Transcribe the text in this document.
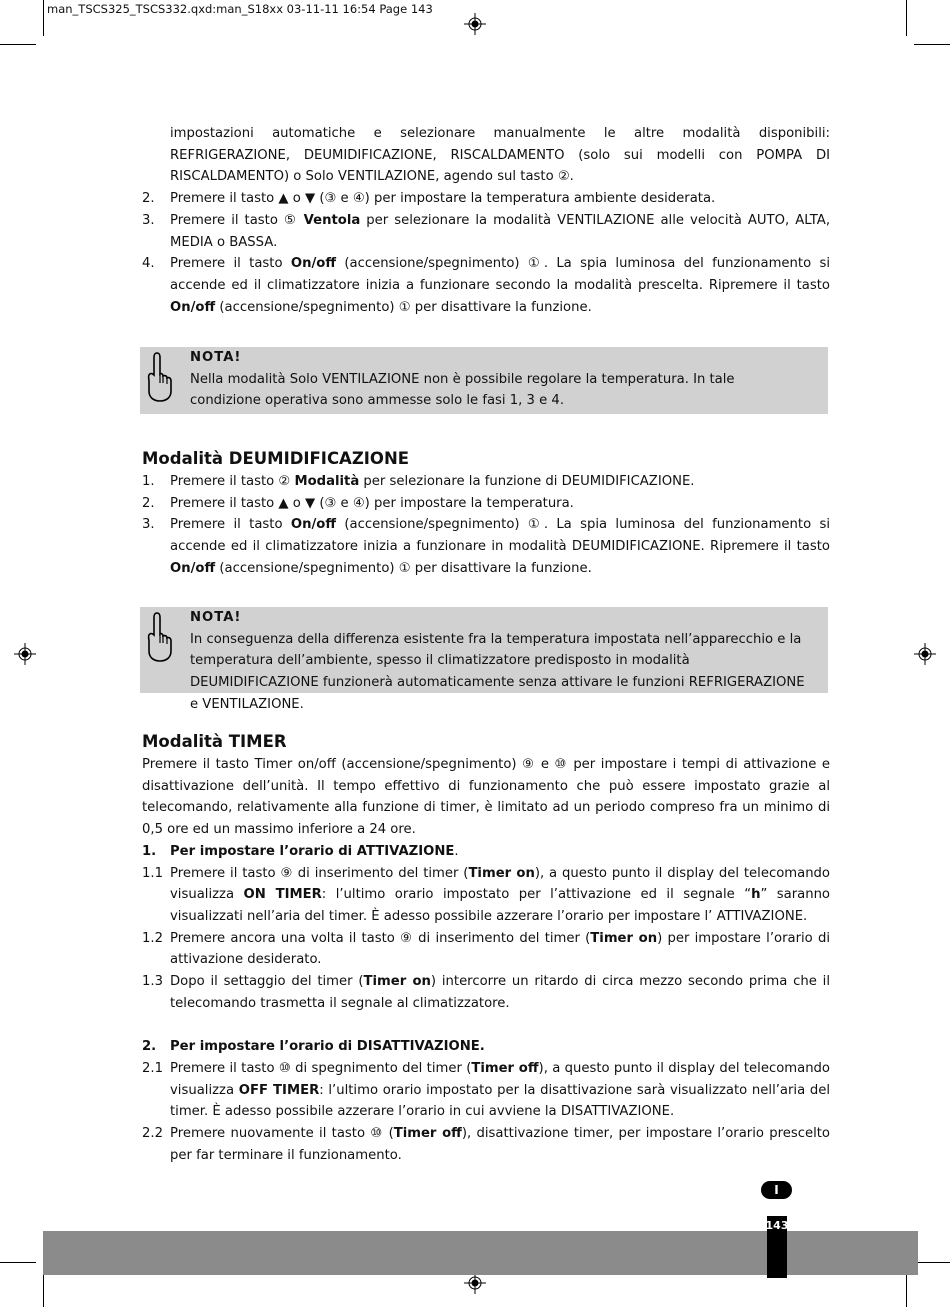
man_TSCS325_TSCS332.qxd:man_S18xx 03-11-11 16:54 Page 143
impostazioni automatiche e selezionare manualmente le altre modalità disponibili: REFRIGERAZIONE, DEUMIDIFICAZIONE, RISCALDAMENTO (solo sui modelli con POMPA DI RISCALDAMENTO) o Solo VENTILAZIONE, agendo sul tasto ②.
2. Premere il tasto ▲ o ▼ (③ e ④) per impostare la temperatura ambiente desiderata.
3. Premere il tasto ⑤ Ventola per selezionare la modalità VENTILAZIONE alle velocità AUTO, ALTA, MEDIA o BASSA.
4. Premere il tasto On/off (accensione/spegnimento) ①. La spia luminosa del funzionamento si accende ed il climatizzatore inizia a funzionare secondo la modalità prescelta. Ripremere il tasto On/off (accensione/spegnimento) ① per disattivare la funzione.
NOTA!
Nella modalità Solo VENTILAZIONE non è possibile regolare la temperatura. In tale condizione operativa sono ammesse solo le fasi 1, 3 e 4.
Modalità DEUMIDIFICAZIONE
1. Premere il tasto ② Modalità per selezionare la funzione di DEUMIDIFICAZIONE.
2. Premere il tasto ▲ o ▼ (③ e ④) per impostare la temperatura.
3. Premere il tasto On/off (accensione/spegnimento) ①. La spia luminosa del funzionamento si accende ed il climatizzatore inizia a funzionare in modalità DEUMIDIFICAZIONE. Ripremere il tasto On/off (accensione/spegnimento) ① per disattivare la funzione.
NOTA!
In conseguenza della differenza esistente fra la temperatura impostata nell’apparecchio e la temperatura dell’ambiente, spesso il climatizzatore predisposto in modalità DEUMIDIFICAZIONE funzionerà automaticamente senza attivare le funzioni REFRIGERAZIONE e VENTILAZIONE.
Modalità TIMER
Premere il tasto Timer on/off (accensione/spegnimento) ⑨ e ⑩ per impostare i tempi di attivazione e disattivazione dell’unità. Il tempo effettivo di funzionamento che può essere impostato grazie al telecomando, relativamente alla funzione di timer, è limitato ad un periodo compreso fra un minimo di 0,5 ore ed un massimo inferiore a 24 ore.
1. Per impostare l’orario di ATTIVAZIONE.
1.1 Premere il tasto ⑨ di inserimento del timer (Timer on), a questo punto il display del telecomando visualizza ON TIMER: l’ultimo orario impostato per l’attivazione ed il segnale “h” saranno visualizzati nell’aria del timer. È adesso possibile azzerare l’orario per impostare l’ ATTIVAZIONE.
1.2 Premere ancora una volta il tasto ⑨ di inserimento del timer (Timer on) per impostare l’orario di attivazione desiderato.
1.3 Dopo il settaggio del timer (Timer on) intercorre un ritardo di circa mezzo secondo prima che il telecomando trasmetta il segnale al climatizzatore.
2. Per impostare l’orario di DISATTIVAZIONE.
2.1 Premere il tasto ⑩ di spegnimento del timer (Timer off), a questo punto il display del telecomando visualizza OFF TIMER: l’ultimo orario impostato per la disattivazione sarà visualizzato nell’aria del timer. È adesso possibile azzerare l’orario in cui avviene la DISATTIVAZIONE.
2.2 Premere nuovamente il tasto ⑩ (Timer off), disattivazione timer, per impostare l’orario prescelto per far terminare il funzionamento.
I
143
